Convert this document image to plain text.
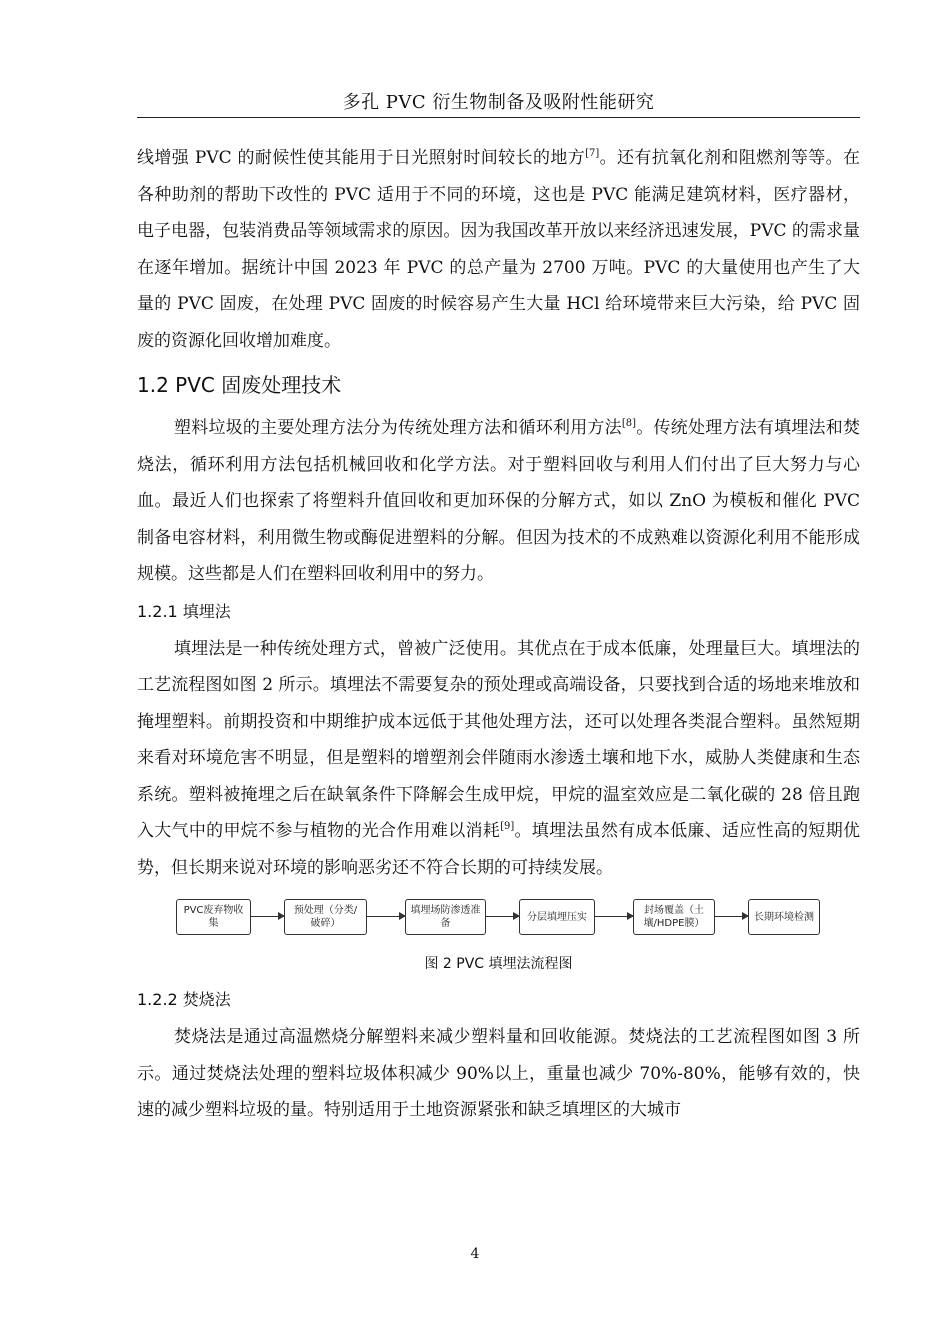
多孔 PVC 衍生物制备及吸附性能研究

线增强 PVC 的耐候性使其能用于日光照射时间较长的地方[7]。还有抗氧化剂和阻燃剂等等。在各种助剂的帮助下改性的 PVC 适用于不同的环境，这也是 PVC 能满足建筑材料，医疗器材，电子电器，包装消费品等领域需求的原因。因为我国改革开放以来经济迅速发展，PVC 的需求量在逐年增加。据统计中国 2023 年 PVC 的总产量为 2700 万吨。PVC 的大量使用也产生了大量的 PVC 固废，在处理 PVC 固废的时候容易产生大量 HCl 给环境带来巨大污染，给 PVC 固废的资源化回收增加难度。

1.2 PVC 固废处理技术

塑料垃圾的主要处理方法分为传统处理方法和循环利用方法[8]。传统处理方法有填埋法和焚烧法，循环利用方法包括机械回收和化学方法。对于塑料回收与利用人们付出了巨大努力与心血。最近人们也探索了将塑料升值回收和更加环保的分解方式，如以 ZnO 为模板和催化 PVC 制备电容材料，利用微生物或酶促进塑料的分解。但因为技术的不成熟难以资源化利用不能形成规模。这些都是人们在塑料回收利用中的努力。

1.2.1 填埋法

填埋法是一种传统处理方式，曾被广泛使用。其优点在于成本低廉，处理量巨大。填埋法的工艺流程图如图 2 所示。填埋法不需要复杂的预处理或高端设备，只要找到合适的场地来堆放和掩埋塑料。前期投资和中期维护成本远低于其他处理方法，还可以处理各类混合塑料。虽然短期来看对环境危害不明显，但是塑料的增塑剂会伴随雨水渗透土壤和地下水，威胁人类健康和生态系统。塑料被掩埋之后在缺氧条件下降解会生成甲烷，甲烷的温室效应是二氧化碳的 28 倍且跑入大气中的甲烷不参与植物的光合作用难以消耗[9]。填埋法虽然有成本低廉、适应性高的短期优势，但长期来说对环境的影响恶劣还不符合长期的可持续发展。

PVC废弃物收集
预处理（分类/破碎）
填埋场防渗透准备
分层填埋压实
封场覆盖（土壤/HDPE膜）
长期环境检测
图 2 PVC 填埋法流程图
1.2.2 焚烧法

焚烧法是通过高温燃烧分解塑料来减少塑料量和回收能源。焚烧法的工艺流程图如图 3 所示。通过焚烧法处理的塑料垃圾体积减少 90%以上，重量也减少 70%-80%，能够有效的，快速的减少塑料垃圾的量。特别适用于土地资源紧张和缺乏填埋区的大城市

4
